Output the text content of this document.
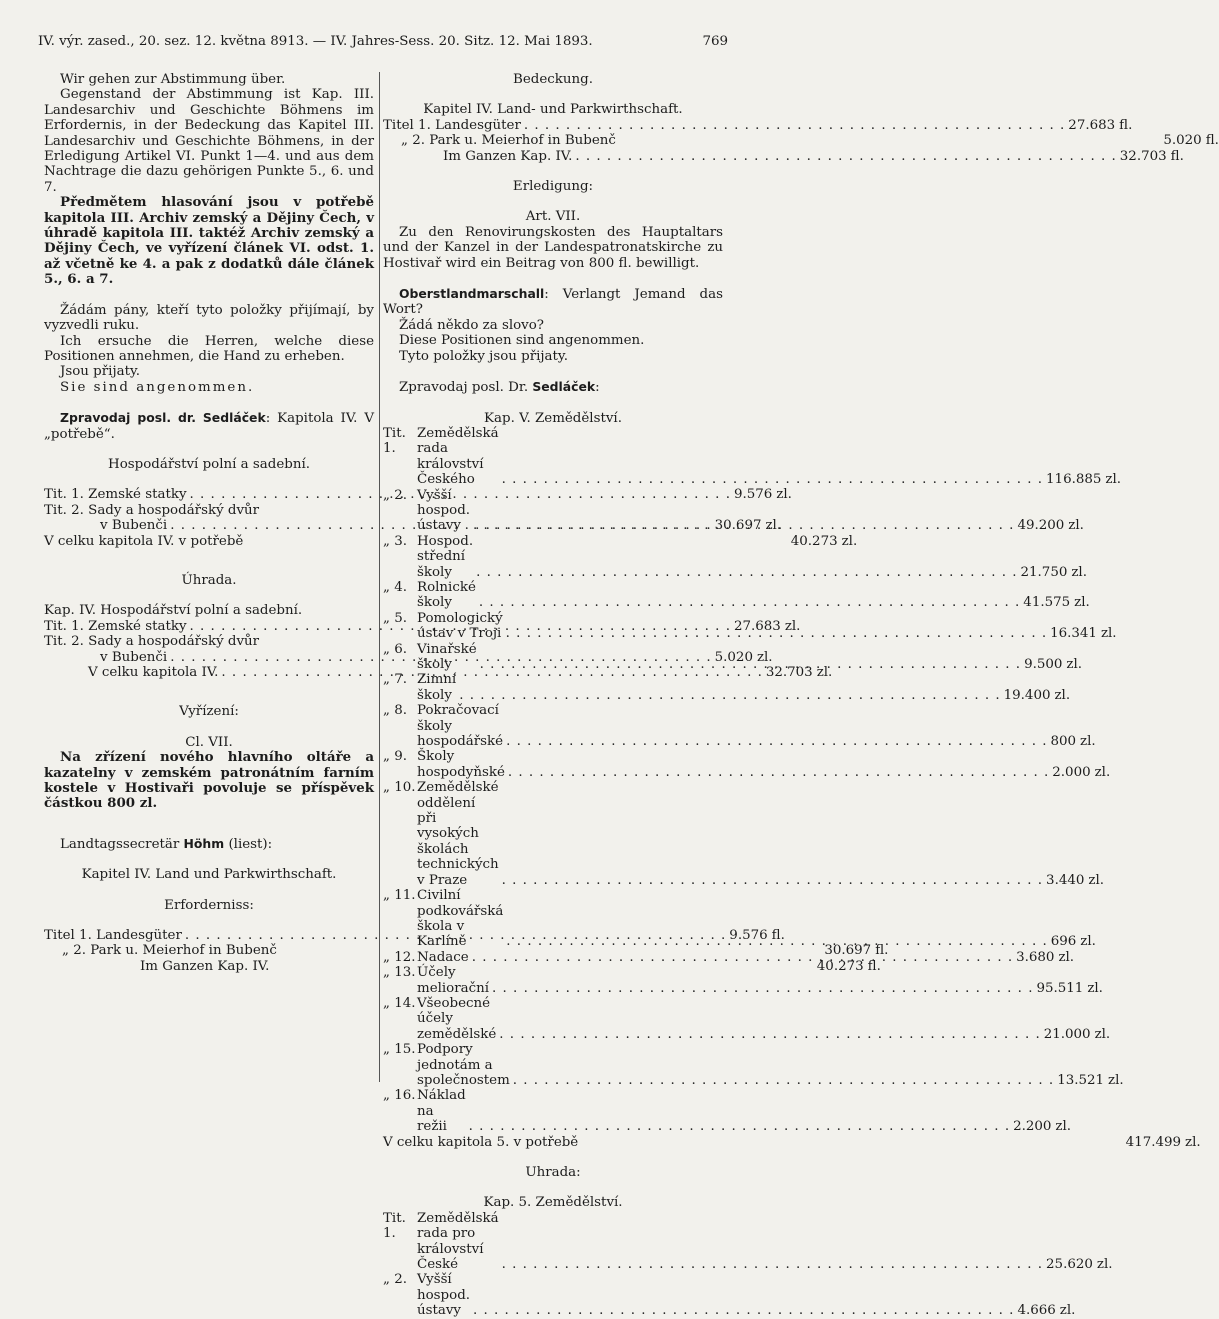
IV. výr. zased., 20. sez. 12. května 8913. — IV. Jahres-Sess. 20. Sitz. 12. Mai 1893.	769

Wir gehen zur Abstimmung über.

Gegenstand der Abstimmung ist Kap. III. Landesarchiv und Geschichte Böhmens im Erfordernis, in der Bedeckung das Kapitel III. Landesarchiv und Geschichte Böhmens, in der Erledigung Artikel VI. Punkt 1—4. und aus dem Nachtrage die dazu gehörigen Punkte 5., 6. und 7.

Předmětem hlasování jsou v potřebě kapitola III. Archiv zemský a Dějiny Čech, v úhradě kapitola III. taktéž Archiv zemský a Dějiny Čech, ve vyřízení článek VI. odst. 1. až včetně ke 4. a pak z dodatků dále článek 5., 6. a 7.

Žádám pány, kteří tyto položky přijímají, by vyzvedli ruku.

Ich ersuche die Herren, welche diese Positionen annehmen, die Hand zu erheben.

Jsou přijaty.

Sie sind angenommen.

Zpravodaj posl. dr. Sedláček: Kapitola IV. V „potřebě“.

Hospodářství polní a sadební.

Tit. 1. Zemské statky . . .	9.576 zl.
Tit. 2. Sady a hospodářský dvůr
v Bubenči . . .	30.697 zl.
V celku kapitola IV. v potřebě	40.273 zl.

Úhrada.

Kap. IV. Hospodářství polní a sadební.

Tit. 1. Zemské statky . . .	27.683 zl.
Tit. 2. Sady a hospodářský dvůr
v Bubenči . . .	5.020 zl.
V celku kapitola IV. . . .	32.703 zl.

Vyřízení:

Cl. VII.

Na zřízení nového hlavního oltáře a kazatelny v zemském patronátním farním kostele v Hostivaři povoluje se příspěvek částkou 800 zl.

Landtagssecretär Höhm (liest):

Kapitel IV. Land und Parkwirthschaft.

Erforderniss:

Titel 1. Landesgüter . . .	9.576 fl.
„ 2. Park u. Meierhof in Bubenč	30.697 fl.
Im Ganzen Kap. IV.	40.273 fl.

Bedeckung.

Kapitel IV. Land- und Parkwirthschaft.

Titel 1. Landesgüter . . .	27.683 fl.
„ 2. Park u. Meierhof in Bubenč	5.020 fl.
Im Ganzen Kap. IV. . . .	32.703 fl.

Erledigung:

Art. VII.

Zu den Renovirungskosten des Hauptaltars und der Kanzel in der Landespatronatskirche zu Hostivař wird ein Beitrag von 800 fl. bewilligt.

Oberstlandmarschall: Verlangt Jemand das Wort?

Žádá někdo za slovo?

Diese Positionen sind angenommen.

Tyto položky jsou přijaty.

Zpravodaj posl. Dr. Sedláček:

Kap. V. Zemědělství.

Tit. 1.
Zemědělská rada království Českého . . .	116.885 zl.
„ 2. Vyšší hospod. ústavy . . .	49.200 zl.
„ 3. Hospod. střední školy . . .	21.750 zl.
„ 4. Rolnické školy . . .	41.575 zl.
„ 5. Pomologický ústav v Troji . . .	16.341 zl.
„ 6. Vinařské školy . . .	9.500 zl.
„ 7. Zimní školy . . .	19.400 zl.
„ 8. Pokračovací školy hospodářské . . .	800 zl.
„ 9. Školy hospodyňské . . .	2.000 zl.
„ 10. Zemědělské oddělení při vysokých školách technických v Praze . . .	3.440 zl.
„ 11. Civilní podkovářská škola v Karlíně . . .	696 zl.
„ 12. Nadace . . .	3.680 zl.
„ 13. Účely meliorační . . .	95.511 zl.
„ 14. Všeobecné účely zemědělské . . .	21.000 zl.
„ 15. Podpory jednotám a společnostem . . .	13.521 zl.
„ 16. Náklad na režii . . .	2.200 zl.
V celku kapitola 5. v potřebě	417.499 zl.

Uhrada:

Kap. 5. Zemědělství.

Tit. 1.
Zemědělská rada pro království České . . .	25.620 zl.
„ 2. Vyšší hospod. ústavy . . .	4.666 zl.
